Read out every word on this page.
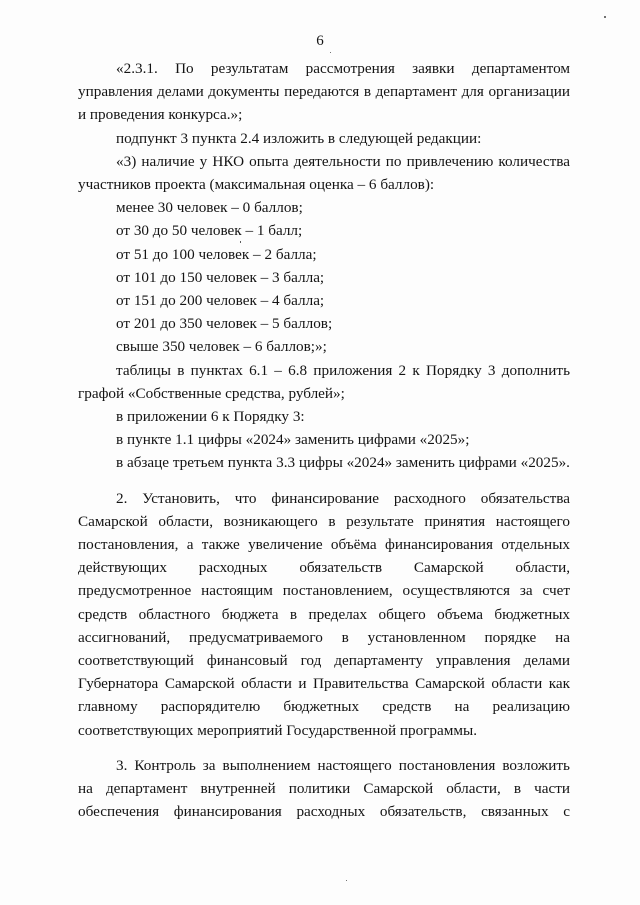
6

«2.3.1. По результатам рассмотрения заявки департаментом

управления делами документы передаются в департамент для организации

и проведения конкурса.»;

подпункт 3 пункта 2.4 изложить в следующей редакции:

«3) наличие у НКО опыта деятельности по привлечению количества

участников проекта (максимальная оценка – 6 баллов):

менее 30 человек – 0 баллов;

от 30 до 50 человек – 1 балл;

от 51 до 100 человек – 2 балла;

от 101 до 150 человек – 3 балла;

от 151 до 200 человек – 4 балла;

от 201 до 350 человек – 5 баллов;

свыше 350 человек – 6 баллов;»;

таблицы в пунктах 6.1 – 6.8 приложения 2 к Порядку 3 дополнить

графой «Собственные средства, рублей»;

в приложении 6 к Порядку 3:

в пункте 1.1 цифры «2024» заменить цифрами «2025»;

в абзаце третьем пункта 3.3 цифры «2024» заменить цифрами «2025».

2. Установить, что финансирование расходного обязательства

Самарской области, возникающего в результате принятия настоящего

постановления, а также увеличение объёма финансирования отдельных

действующих расходных обязательств Самарской области,

предусмотренное настоящим постановлением, осуществляются за счет

средств областного бюджета в пределах общего объема бюджетных

ассигнований, предусматриваемого в установленном порядке на

соответствующий финансовый год департаменту управления делами

Губернатора Самарской области и Правительства Самарской области как

главному распорядителю бюджетных средств на реализацию

соответствующих мероприятий Государственной программы.

3. Контроль за выполнением настоящего постановления возложить

на департамент внутренней политики Самарской области, в части

обеспечения финансирования расходных обязательств, связанных с
